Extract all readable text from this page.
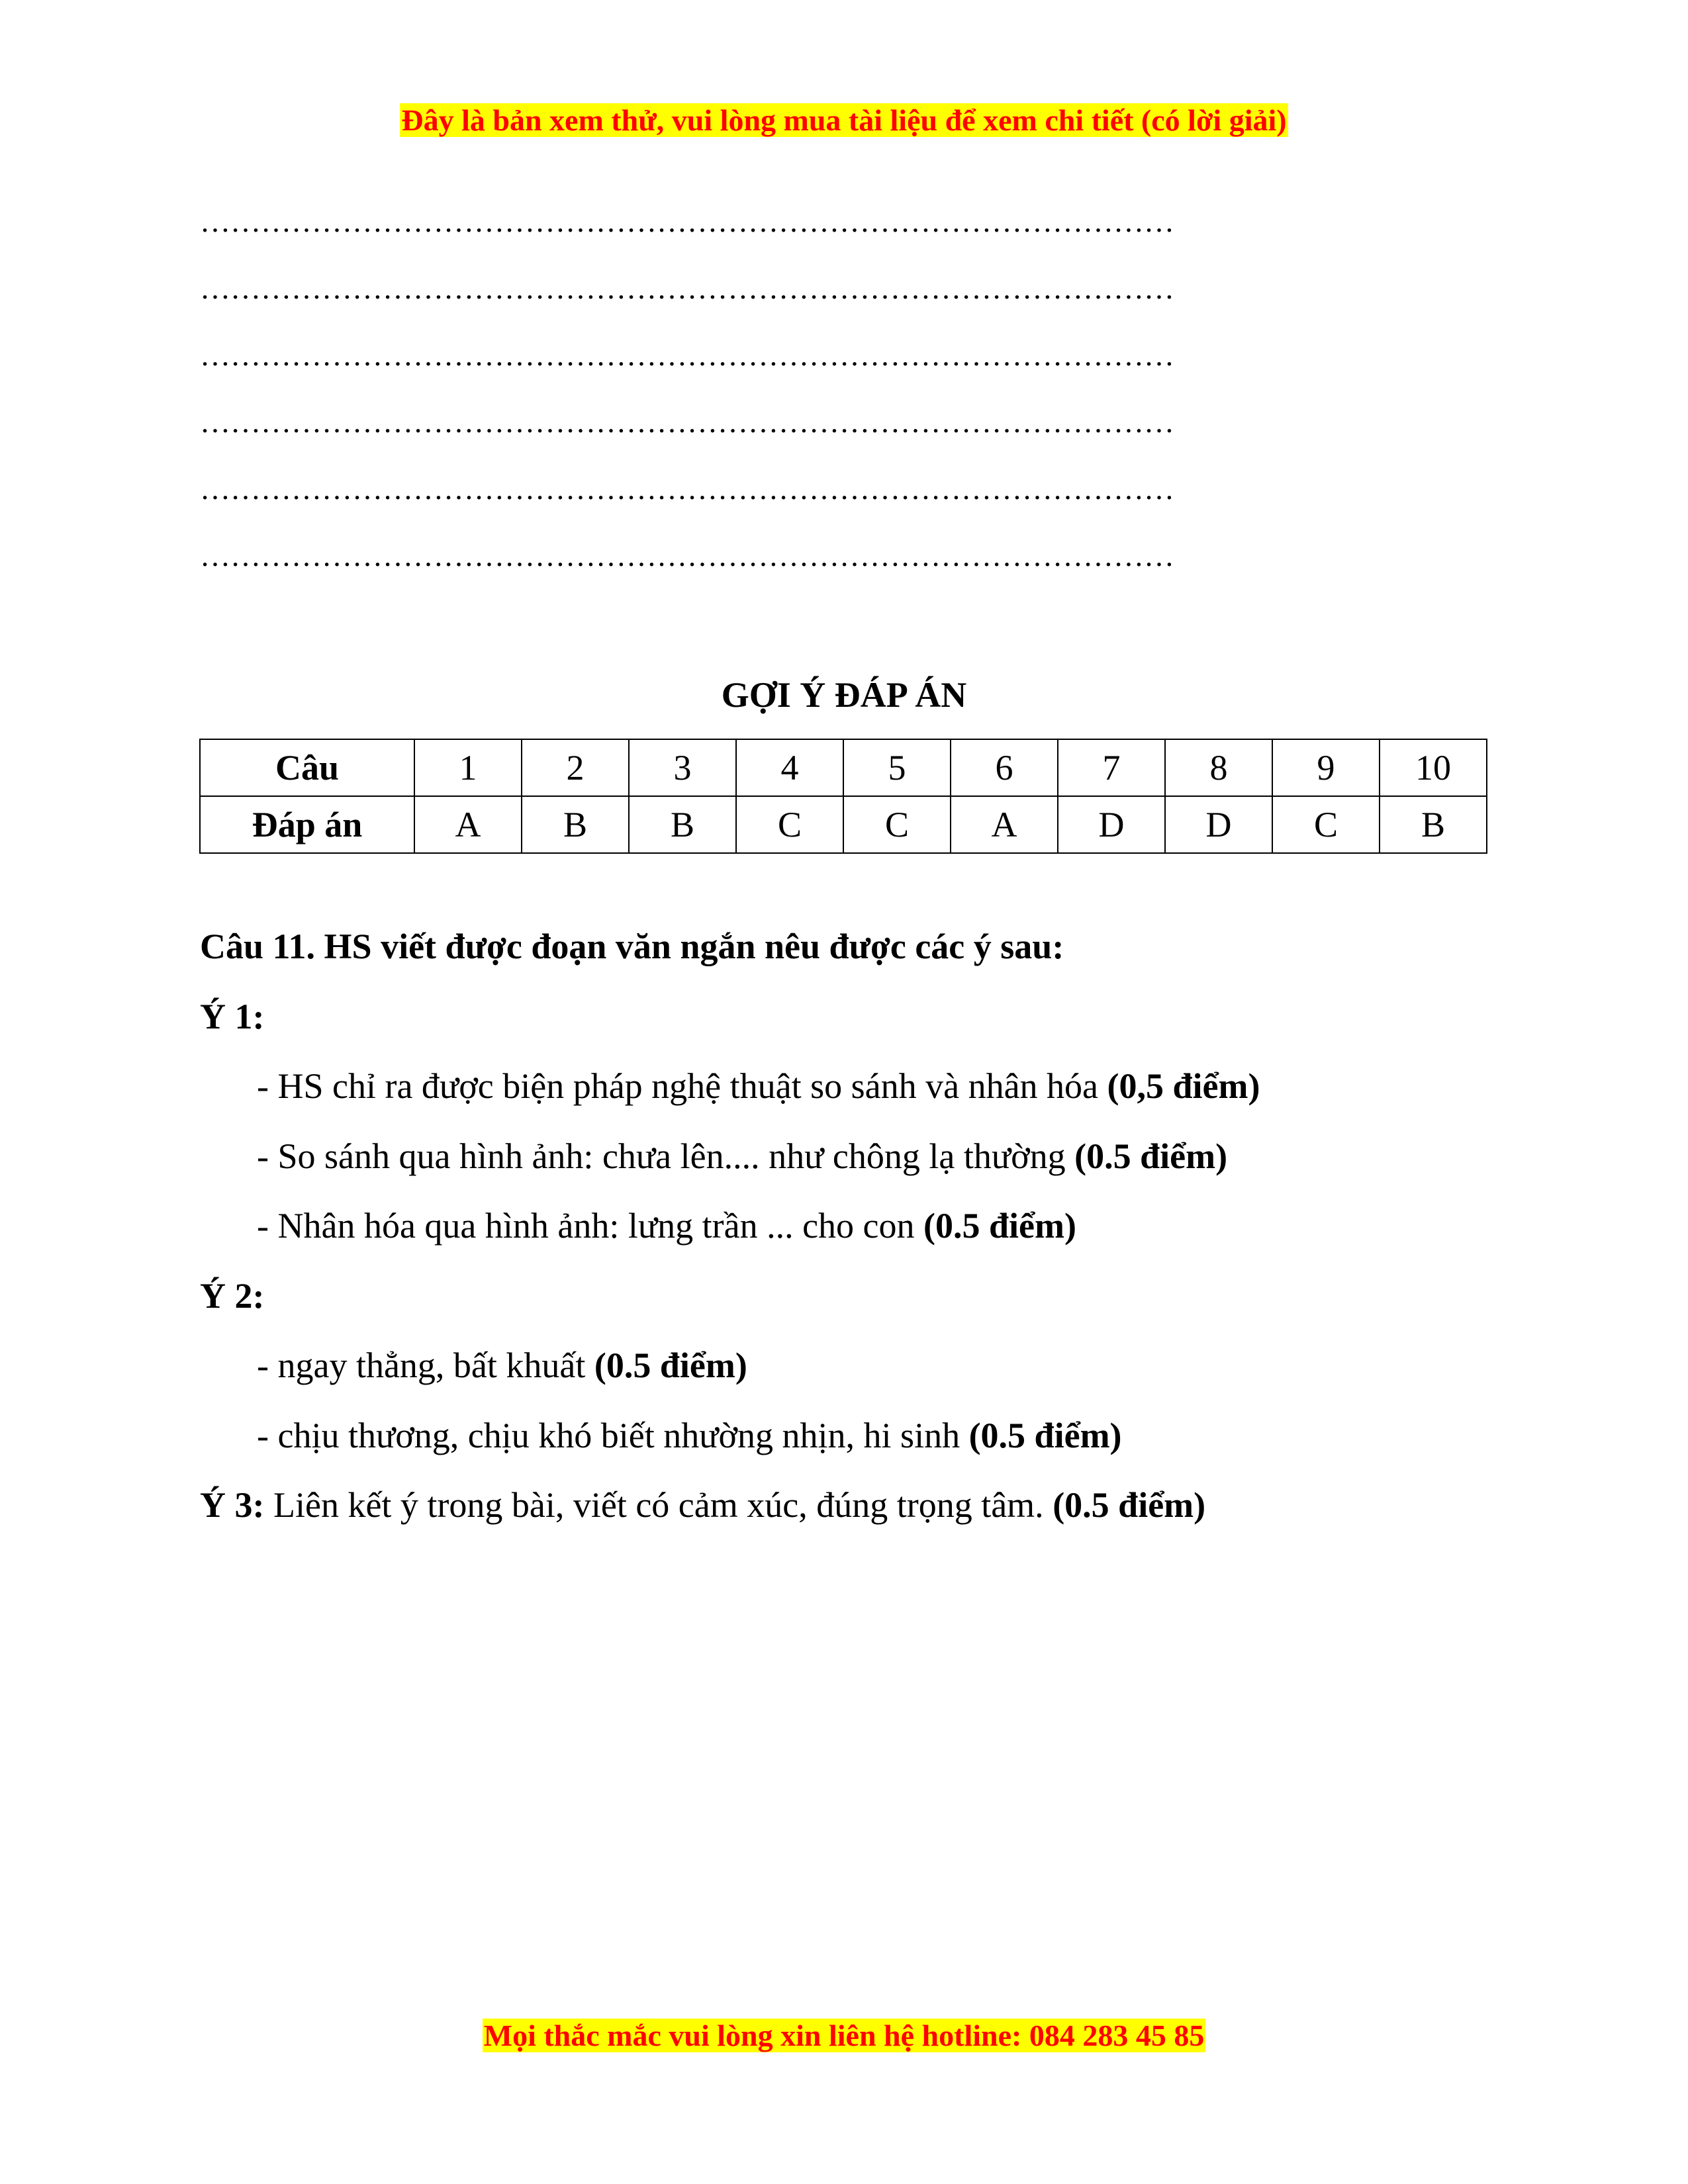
Đây là bản xem thử, vui lòng mua tài liệu để xem chi tiết (có lời giải)
……………………………………………………………………………………
……………………………………………………………………………………
……………………………………………………………………………………
……………………………………………………………………………………
……………………………………………………………………………………
……………………………………………………………………………………
GỢI Ý ĐÁP ÁN
Câu	1	2	3	4	5	6	7	8	9	10
Đáp án	A	B	B	C	C	A	D	D	C	B
Câu 11. HS viết được đoạn văn ngắn nêu được các ý sau:
Ý 1:
- HS chỉ ra được biện pháp nghệ thuật so sánh và nhân hóa (0,5 điểm)
- So sánh qua hình ảnh: chưa lên.... như chông lạ thường (0.5 điểm)
- Nhân hóa qua hình ảnh: lưng trần ... cho con (0.5 điểm)
Ý 2:
- ngay thẳng, bất khuất (0.5 điểm)
- chịu thương, chịu khó biết nhường nhịn, hi sinh (0.5 điểm)
Ý 3: Liên kết ý trong bài, viết có cảm xúc, đúng trọng tâm. (0.5 điểm)
Mọi thắc mắc vui lòng xin liên hệ hotline: 084 283 45 85
